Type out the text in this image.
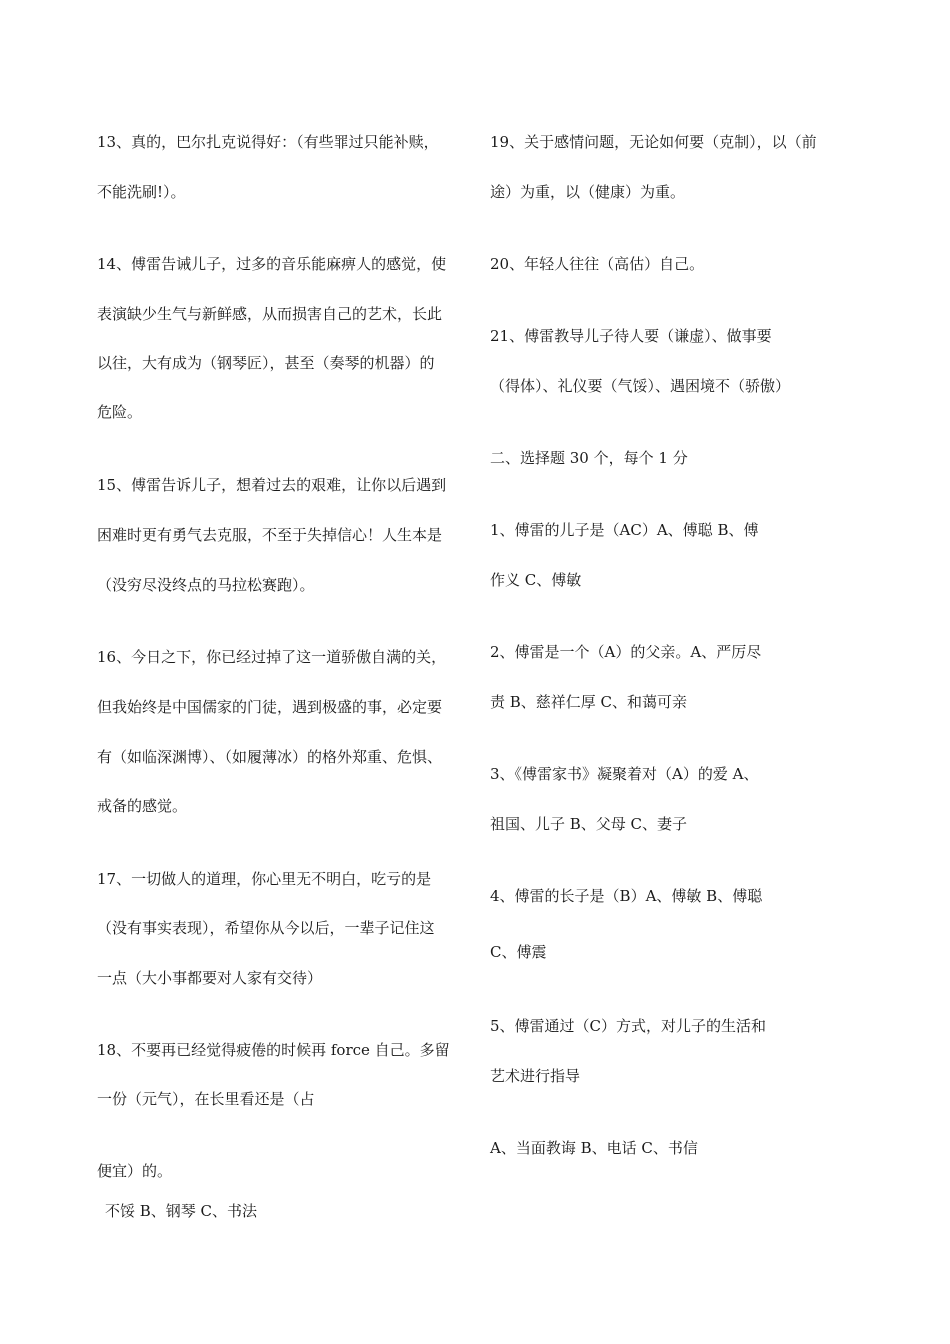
13、真的，巴尔扎克说得好：（有些罪过只能补赎，

不能洗刷!）。

14、傅雷告诫儿子，过多的音乐能麻痹人的感觉，使

表演缺少生气与新鲜感，从而损害自己的艺术，长此

以往，大有成为（钢琴匠），甚至（奏琴的机器）的

危险。

15、傅雷告诉儿子，想着过去的艰难，让你以后遇到

困难时更有勇气去克服，不至于失掉信心！人生本是

（没穷尽没终点的马拉松赛跑）。

16、今日之下，你已经过掉了这一道骄傲自满的关，

但我始终是中国儒家的门徒，遇到极盛的事，必定要

有（如临深渊博）、（如履薄冰）的格外郑重、危惧、

戒备的感觉。

17、一切做人的道理，你心里无不明白，吃亏的是

（没有事实表现），希望你从今以后，一辈子记住这

一点（大小事都要对人家有交待）

18、不要再已经觉得疲倦的时候再 force 自己。多留

一份（元气），在长里看还是（占

便宜）的。

不馁 B、钢琴 C、书法

19、关于感情问题，无论如何要（克制），以（前

途）为重，以（健康）为重。

20、年轻人往往（高估）自己。

21、傅雷教导儿子待人要（谦虚）、做事要

（得体）、礼仪要（气馁）、遇困境不（骄傲）

二、选择题 30 个，每个 1 分

1、傅雷的儿子是（AC）A、傅聪 B、傅

作义 C、傅敏

2、傅雷是一个（A）的父亲。A、严厉尽

责 B、慈祥仁厚 C、和蔼可亲

3、《傅雷家书》凝聚着对（A）的爱 A、

祖国、儿子 B、父母 C、妻子

4、傅雷的长子是（B）A、傅敏 B、傅聪

C、傅震

5、傅雷通过（C）方式，对儿子的生活和

艺术进行指导

A、当面教诲 B、电话 C、书信
